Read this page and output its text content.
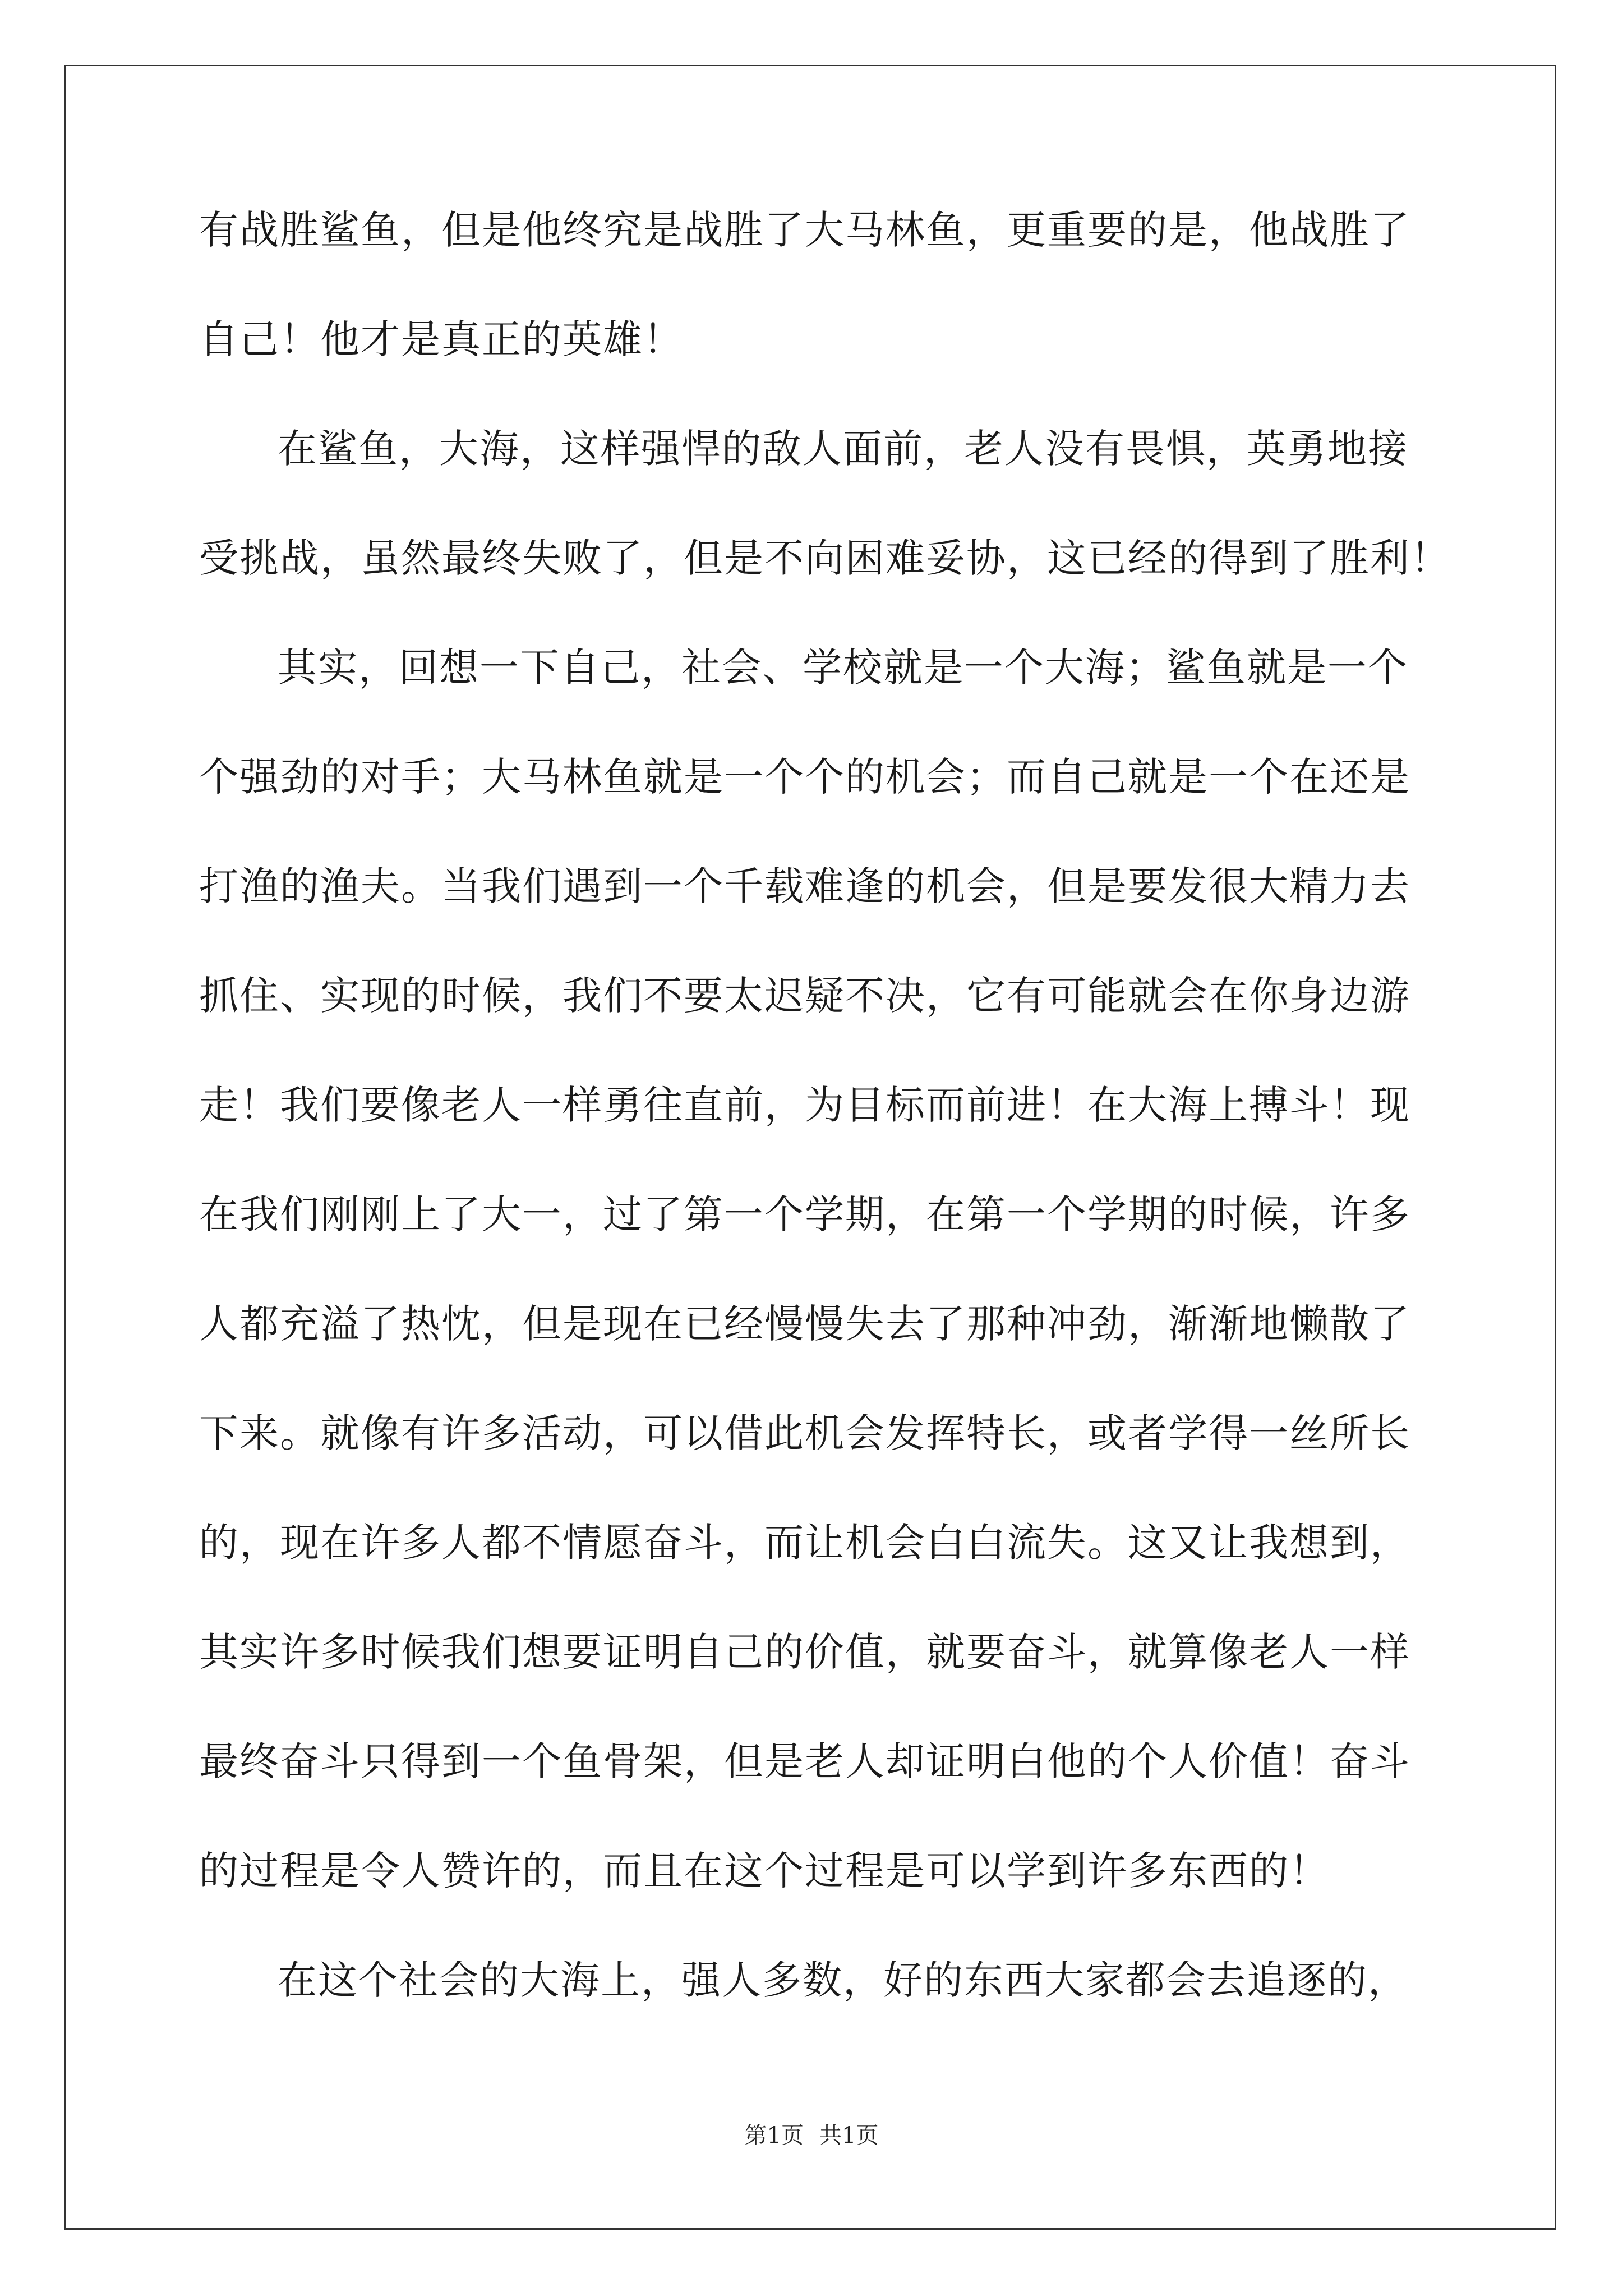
有战胜鲨鱼，但是他终究是战胜了大马林鱼，更重要的是，他战胜了
自己！他才是真正的英雄！
在鲨鱼，大海，这样强悍的敌人面前，老人没有畏惧，英勇地接
受挑战，虽然最终失败了，但是不向困难妥协，这已经的得到了胜利！
其实，回想一下自己，社会、学校就是一个大海；鲨鱼就是一个
个强劲的对手；大马林鱼就是一个个的机会；而自己就是一个在还是
打渔的渔夫。当我们遇到一个千载难逢的机会，但是要发很大精力去
抓住、实现的时候，我们不要太迟疑不决，它有可能就会在你身边游
走！我们要像老人一样勇往直前，为目标而前进！在大海上搏斗！现
在我们刚刚上了大一，过了第一个学期，在第一个学期的时候，许多
人都充溢了热忱，但是现在已经慢慢失去了那种冲劲，渐渐地懒散了
下来。就像有许多活动，可以借此机会发挥特长，或者学得一丝所长
的，现在许多人都不情愿奋斗，而让机会白白流失。这又让我想到，
其实许多时候我们想要证明自己的价值，就要奋斗，就算像老人一样
最终奋斗只得到一个鱼骨架，但是老人却证明白他的个人价值！奋斗
的过程是令人赞许的，而且在这个过程是可以学到许多东西的！
在这个社会的大海上，强人多数，好的东西大家都会去追逐的，
第1页 共1页
